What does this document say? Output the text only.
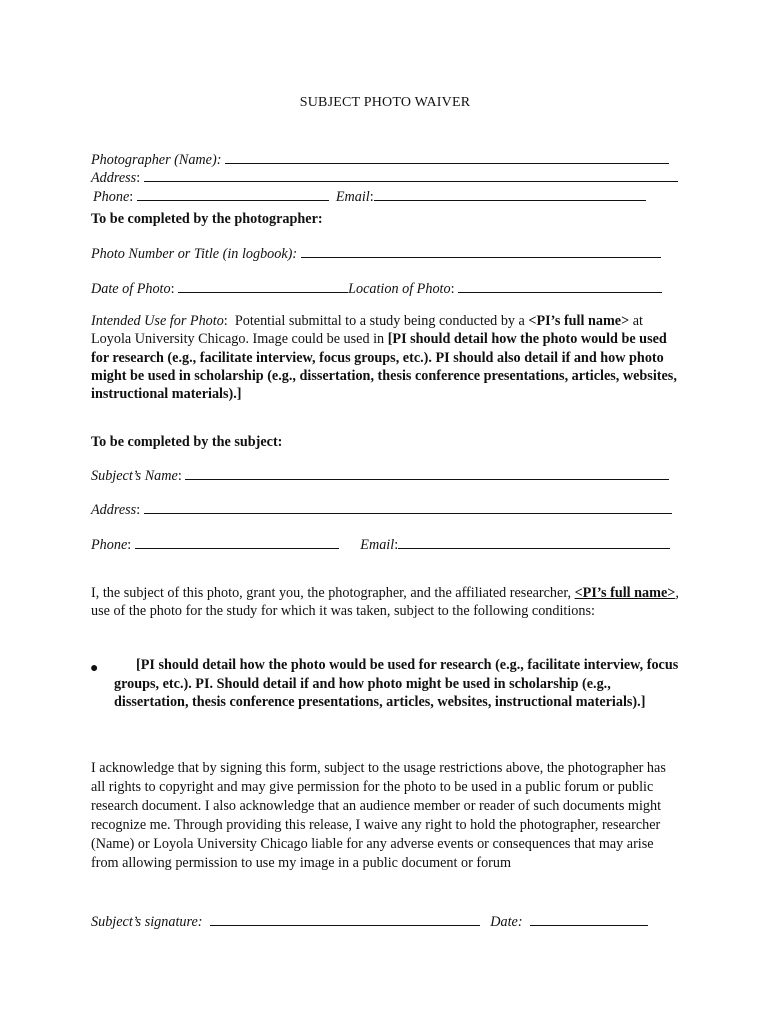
SUBJECT PHOTO WAIVER
Photographer (Name):
Address:
Phone:	Email:
To be completed by the photographer:
Photo Number or Title (in logbook):
Date of Photo:	Location of Photo:
Intended Use for Photo:  Potential submittal to a study being conducted by a <PI’s full name> at Loyola University Chicago. Image could be used in [PI should detail how the photo would be used for research (e.g., facilitate interview, focus groups, etc.). PI should also detail if and how photo might be used in scholarship (e.g., dissertation, thesis conference presentations, articles, websites, instructional materials).]
To be completed by the subject:
Subject’s Name:
Address:
Phone:	Email:
I, the subject of this photo, grant you, the photographer, and the affiliated researcher, <PI’s full name>, use of the photo for the study for which it was taken, subject to the following conditions:
●	[PI should detail how the photo would be used for research (e.g., facilitate interview, focus groups, etc.). PI. Should detail if and how photo might be used in scholarship (e.g., dissertation, thesis conference presentations, articles, websites, instructional materials).]
I acknowledge that by signing this form, subject to the usage restrictions above, the photographer has all rights to copyright and may give permission for the photo to be used in a public forum or public research document. I also acknowledge that an audience member or reader of such documents might recognize me. Through providing this release, I waive any right to hold the photographer, researcher (Name) or Loyola University Chicago liable for any adverse events or consequences that may arise from allowing permission to use my image in a public document or forum
Subject’s signature:	Date:
